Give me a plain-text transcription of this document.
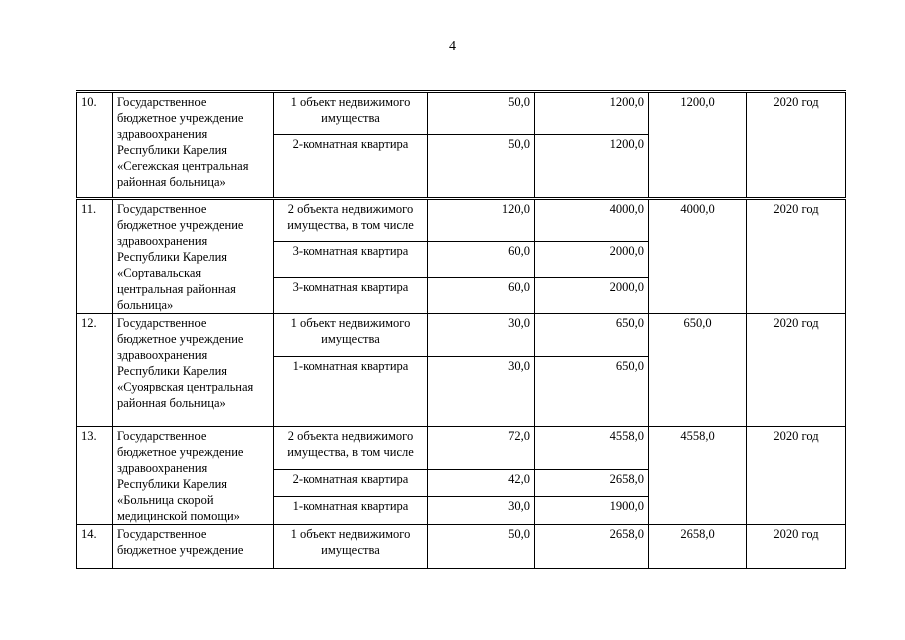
4
10.	Государственное бюджетное учреждение здравоохранения Республики Карелия «Сегежская центральная районная больница»	1 объект недвижимого имущества	50,0	1200,0	1200,0	2020 год
		2-комнатная квартира	50,0	1200,0		
11.	Государственное бюджетное учреждение здравоохранения Республики Карелия «Сортавальская центральная районная больница»	2 объекта недвижимого имущества, в том числе	120,0	4000,0	4000,0	2020 год
		3-комнатная квартира	60,0	2000,0		
		3-комнатная квартира	60,0	2000,0		
12.	Государственное бюджетное учреждение здравоохранения Республики Карелия «Суоярвская центральная районная больница»	1 объект недвижимого имущества	30,0	650,0	650,0	2020 год
		1-комнатная квартира	30,0	650,0		
13.	Государственное бюджетное учреждение здравоохранения Республики Карелия «Больница скорой медицинской помощи»	2 объекта недвижимого имущества, в том числе	72,0	4558,0	4558,0	2020 год
		2-комнатная квартира	42,0	2658,0		
		1-комнатная квартира	30,0	1900,0		
14.	Государственное бюджетное учреждение	1 объект недвижимого имущества	50,0	2658,0	2658,0	2020 год
